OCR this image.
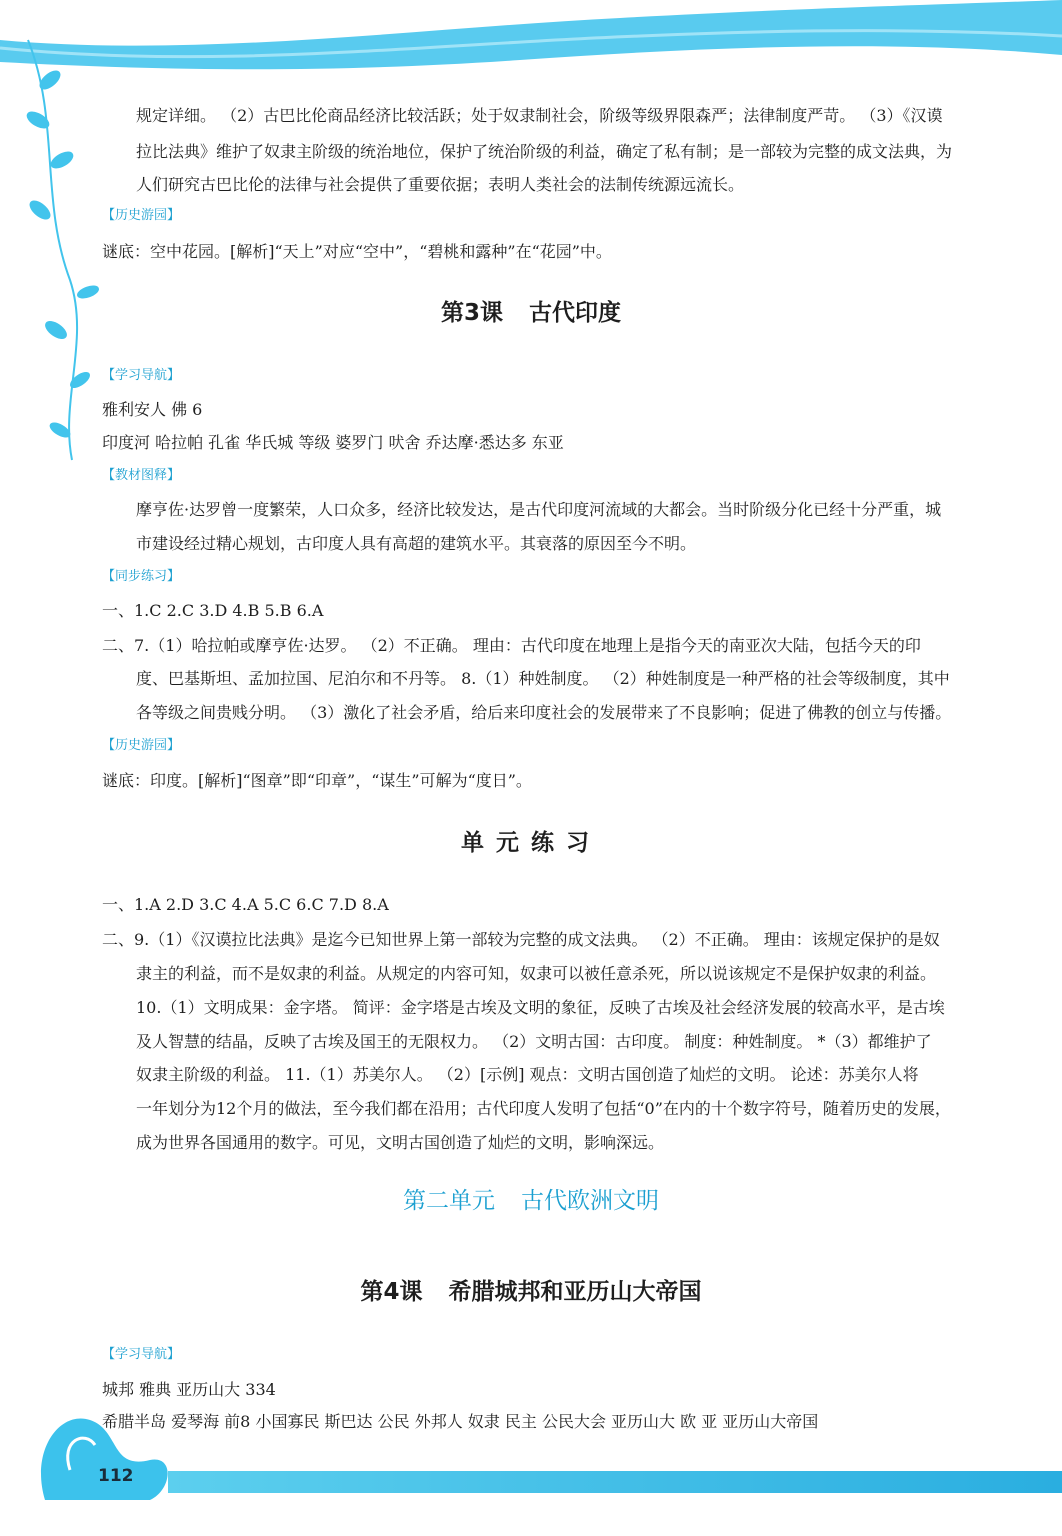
112
规定详细。 （2）古巴比伦商品经济比较活跃；处于奴隶制社会，阶级等级界限森严；法律制度严苛。 （3）《汉谟
拉比法典》维护了奴隶主阶级的统治地位，保护了统治阶级的利益，确定了私有制；是一部较为完整的成文法典，为
人们研究古巴比伦的法律与社会提供了重要依据；表明人类社会的法制传统源远流长。
【历史游园】
谜底：空中花园。[解析]“天上”对应“空中”，“碧桃和露种”在“花园”中。
第3课 古代印度
【学习导航】
雅利安人 佛 6
印度河 哈拉帕 孔雀 华氏城 等级 婆罗门 吠舍 乔达摩·悉达多 东亚
【教材图释】
摩亨佐·达罗曾一度繁荣，人口众多，经济比较发达，是古代印度河流域的大都会。当时阶级分化已经十分严重，城
市建设经过精心规划，古印度人具有高超的建筑水平。其衰落的原因至今不明。
【同步练习】
一、1.C 2.C 3.D 4.B 5.B 6.A
二、7.（1）哈拉帕或摩亨佐·达罗。 （2）不正确。 理由：古代印度在地理上是指今天的南亚次大陆，包括今天的印
度、巴基斯坦、孟加拉国、尼泊尔和不丹等。 8.（1）种姓制度。 （2）种姓制度是一种严格的社会等级制度，其中
各等级之间贵贱分明。 （3）激化了社会矛盾，给后来印度社会的发展带来了不良影响；促进了佛教的创立与传播。
【历史游园】
谜底：印度。[解析]“图章”即“印章”，“谋生”可解为“度日”。
单元练习
一、1.A 2.D 3.C 4.A 5.C 6.C 7.D 8.A
二、9.（1）《汉谟拉比法典》是迄今已知世界上第一部较为完整的成文法典。 （2）不正确。 理由：该规定保护的是奴
隶主的利益，而不是奴隶的利益。从规定的内容可知，奴隶可以被任意杀死，所以说该规定不是保护奴隶的利益。
10.（1）文明成果：金字塔。 简评：金字塔是古埃及文明的象征，反映了古埃及社会经济发展的较高水平，是古埃
及人智慧的结晶，反映了古埃及国王的无限权力。 （2）文明古国：古印度。 制度：种姓制度。 *（3）都维护了
奴隶主阶级的利益。 11.（1）苏美尔人。 （2）[示例] 观点：文明古国创造了灿烂的文明。 论述：苏美尔人将
一年划分为12个月的做法，至今我们都在沿用；古代印度人发明了包括“0”在内的十个数字符号，随着历史的发展，
成为世界各国通用的数字。可见，文明古国创造了灿烂的文明，影响深远。
第二单元 古代欧洲文明
第4课 希腊城邦和亚历山大帝国
【学习导航】
城邦 雅典 亚历山大 334
希腊半岛 爱琴海 前8 小国寡民 斯巴达 公民 外邦人 奴隶 民主 公民大会 亚历山大 欧 亚 亚历山大帝国
